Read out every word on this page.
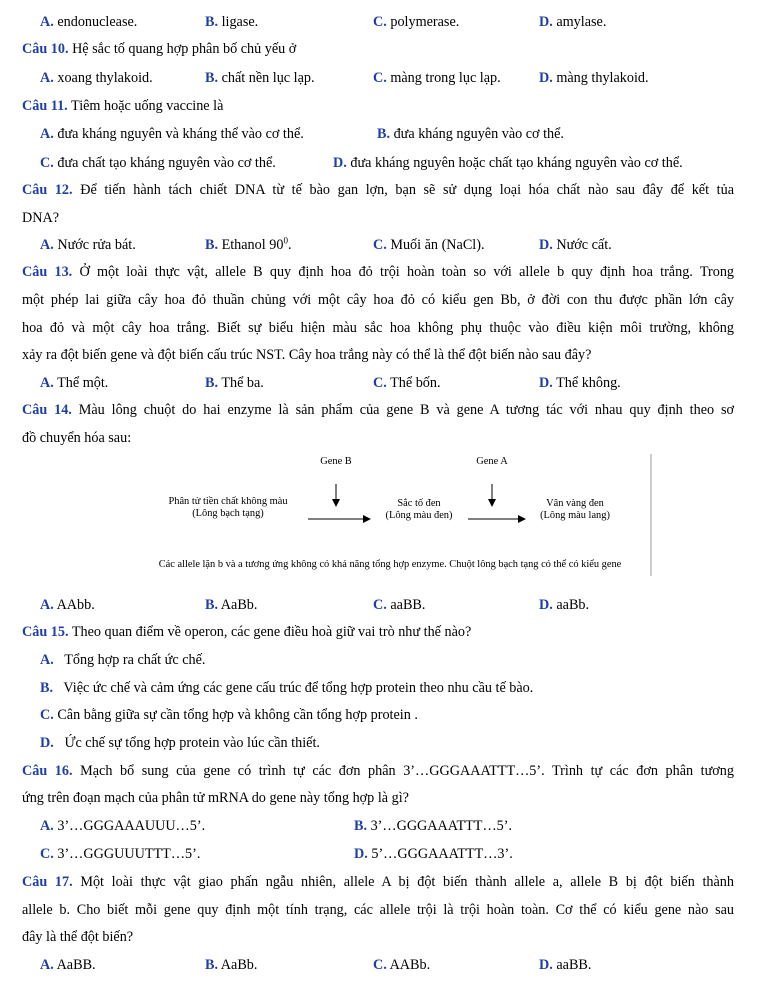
A. endonuclease.	B. ligase.	C. polymerase.	D. amylase.
Câu 10. Hệ sắc tố quang hợp phân bố chủ yếu ở
A. xoang thylakoid.	B. chất nền lục lạp.	C. màng trong lục lạp.	D. màng thylakoid.
Câu 11. Tiêm hoặc uống vaccine là
A. đưa kháng nguyên và kháng thể vào cơ thể.	B. đưa kháng nguyên vào cơ thể.
C. đưa chất tạo kháng nguyên vào cơ thể.	D. đưa kháng nguyên hoặc chất tạo kháng nguyên vào cơ thể.
Câu 12. Để tiến hành tách chiết DNA từ tế bào gan lợn, bạn sẽ sử dụng loại hóa chất nào sau đây để kết tủa
DNA?
A. Nước rửa bát.	B. Ethanol $90^0$.	C. Muối ăn (NaCl).	D. Nước cất.
Câu 13. Ở một loài thực vật, allele B quy định hoa đỏ trội hoàn toàn so với allele b quy định hoa trắng. Trong
một phép lai giữa cây hoa đỏ thuần chủng với một cây hoa đỏ có kiểu gen Bb, ở đời con thu được phần lớn cây
hoa đỏ và một cây hoa trắng. Biết sự biểu hiện màu sắc hoa không phụ thuộc vào điều kiện môi trường, không
xảy ra đột biến gene và đột biến cấu trúc NST. Cây hoa trắng này có thể là thể đột biến nào sau đây?
A. Thể một.	B. Thể ba.	C. Thể bốn.	D. Thể không.
Câu 14. Màu lông chuột do hai enzyme là sản phẩm của gene B và gene A tương tác với nhau quy định theo sơ
đồ chuyển hóa sau:
Gene B	Gene A
Phân tử tiền chất không màu
(Lông bạch tạng)
Sắc tố đen
(Lông màu đen)
Vân vàng đen
(Lông màu lang)
Các allele lặn b và a tương ứng không có khả năng tổng hợp enzyme. Chuột lông bạch tạng có thể có kiểu gene
A. AAbb.	B. AaBb.	C. aaBB.	D. aaBb.
Câu 15. Theo quan điểm về operon, các gene điều hoà giữ vai trò như thế nào?
A. Tổng hợp ra chất ức chế.
B. Việc ức chế và cảm ứng các gene cấu trúc để tổng hợp protein theo nhu cầu tế bào.
C. Cân bằng giữa sự cần tổng hợp và không cần tổng hợp protein .
D. Ức chế sự tổng hợp protein vào lúc cần thiết.
Câu 16. Mạch bổ sung của gene có trình tự các đơn phân 3’…GGGAAATTT…5’. Trình tự các đơn phân tương
ứng trên đoạn mạch của phân tử mRNA do gene này tổng hợp là gì?
A. 3’…GGGAAAUUU…5’.	B. 3’…GGGAAATTT…5’.
C. 3’…GGGUUUTTT…5’.	D. 5’…GGGAAATTT…3’.
Câu 17. Một loài thực vật giao phấn ngẫu nhiên, allele A bị đột biến thành allele a, allele B bị đột biến thành
allele b. Cho biết mỗi gene quy định một tính trạng, các allele trội là trội hoàn toàn. Cơ thể có kiểu gene nào sau
đây là thể đột biến?
A. AaBB.	B. AaBb.	C. AABb.	D. aaBB.
